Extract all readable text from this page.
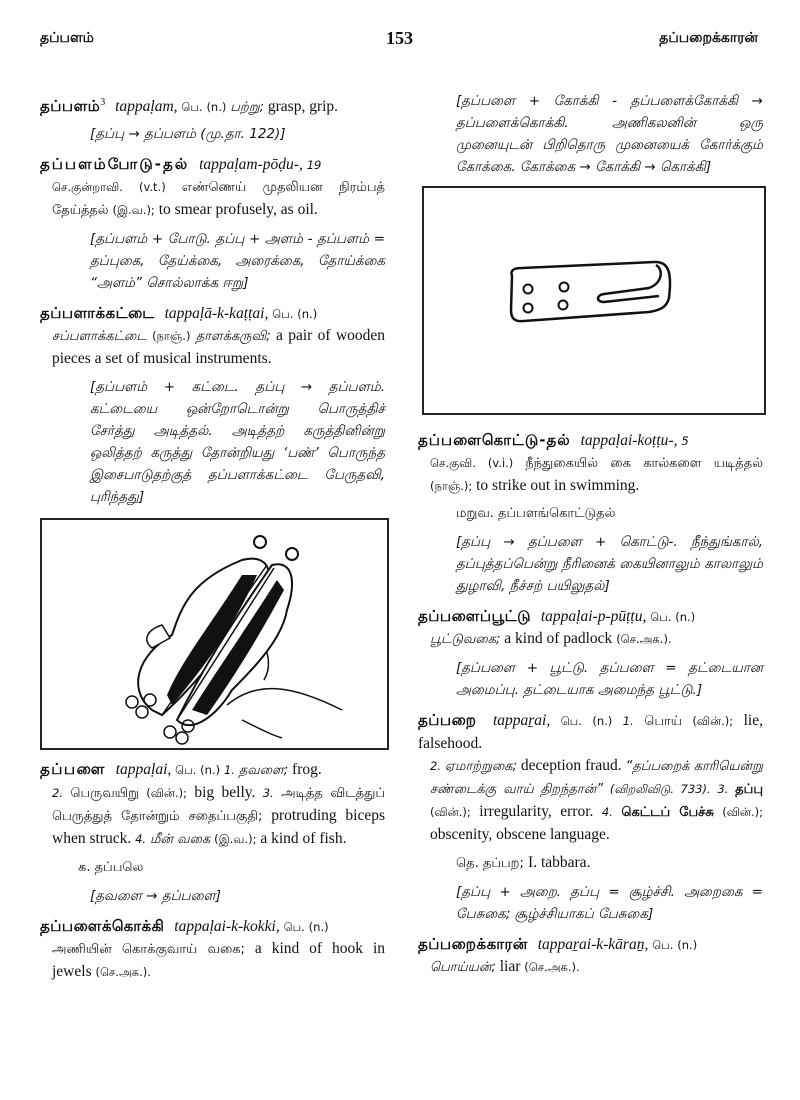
தப்பளம்	153	தப்பறைக்காரன்
தப்பளம்$^3$ tappaḷam, பெ. (n.) பற்று; grasp, grip.
[தப்பு → தப்பளம் (மு.தா. 122)]
தப்பளம்போடு-தல் tappaḷam-pōḍu-, 19
செ.குன்றாவி. (v.t.) எண்ணெய் முதலியன நிரம்பத் தேய்த்தல் (இ.வ.); to smear profusely, as oil.
[தப்பளம் + போடு. தப்பு + அளம் - தப்பளம் = தப்புகை, தேய்க்கை, அரைக்கை, தோய்க்கை “அளம்” சொல்லாக்க ஈறு]
தப்பளாக்கட்டை tappaḷā-k-kaṭṭai, பெ. (n.)
சப்பளாக்கட்டை (நாஞ்.) தாளக்கருவி; a pair of wooden pieces a set of musical instruments.
[தப்பளம் + கட்டை. தப்பு → தப்பளம். கட்டையை ஒன்றோடொன்று பொருத்திச் சேர்த்து அடித்தல். அடித்தற் கருத்தினின்று ஒலித்தற் கருத்து தோன்றியது ‘பண்’ பொருந்த இசைபாடுதற்குத் தப்பளாக்கட்டை பேருதவி, புரிந்தது]
தப்பளை tappaḷai, பெ. (n.) 1. தவளை; frog.
2. பெருவயிறு (வின்.); big belly. 3. அடித்த விடத்துப் பெருத்துத் தோன்றும் சதைப்பகுதி; protruding biceps when struck. 4. மீன் வகை (இ.வ.); a kind of fish.
க. தப்பலெ
[தவளை → தப்பளை]
தப்பளைக்கொக்கி tappaḷai-k-kokki, பெ. (n.)
அணியின் கொக்குவாய் வகை; a kind of hook in jewels (செ.அக.).
[தப்பளை + கோக்கி - தப்பளைக்கோக்கி → தப்பளைக்கொக்கி. அணிகலனின் ஒரு முனையுடன் பிறிதொரு முனையைக் கோர்க்கும் கோக்கை. கோக்கை → கோக்கி → கொக்கி]
தப்பளைகொட்டு-தல் tappaḷai-koṭṭu-, 5
செ.குவி. (v.i.) நீந்துகையில் கை கால்களை யடித்தல் (நாஞ்.); to strike out in swimming.
மறுவ. தப்பளங்கொட்டுதல்
[தப்பு → தப்பளை + கொட்டு-. நீந்துங்கால், தப்புத்தப்பென்று நீரினைக் கையினாலும் காலாலும் துழாவி, நீச்சற் பயிலுதல்]
தப்பளைப்பூட்டு tappaḷai-p-pūṭṭu, பெ. (n.)
பூட்டுவகை; a kind of padlock (செ.அக.).
[தப்பளை + பூட்டு. தப்பளை = தட்டையான அமைப்பு. தட்டையாக அமைந்த பூட்டு.]
தப்பறை tappaṟai, பெ. (n.) 1. பொய் (வின்.); lie, falsehood.
2. ஏமாற்றுகை; deception fraud. “தப்பறைக் காரியென்று சண்டைக்கு வாய் திறந்தான்” (விறலிவிடு. 733). 3. தப்பு (வின்.); irregularity, error. 4. கெட்டப் பேச்சு (வின்.); obscenity, obscene language.
தெ. தப்பற; I. tabbara.
[தப்பு + அறை. தப்பு = சூழ்ச்சி. அறைகை = பேசுகை; சூழ்ச்சியாகப் பேசுகை]
தப்பறைக்காரன் tappaṟai-k-kāraṉ, பெ. (n.)
பொய்யன்; liar (செ.அக.).
